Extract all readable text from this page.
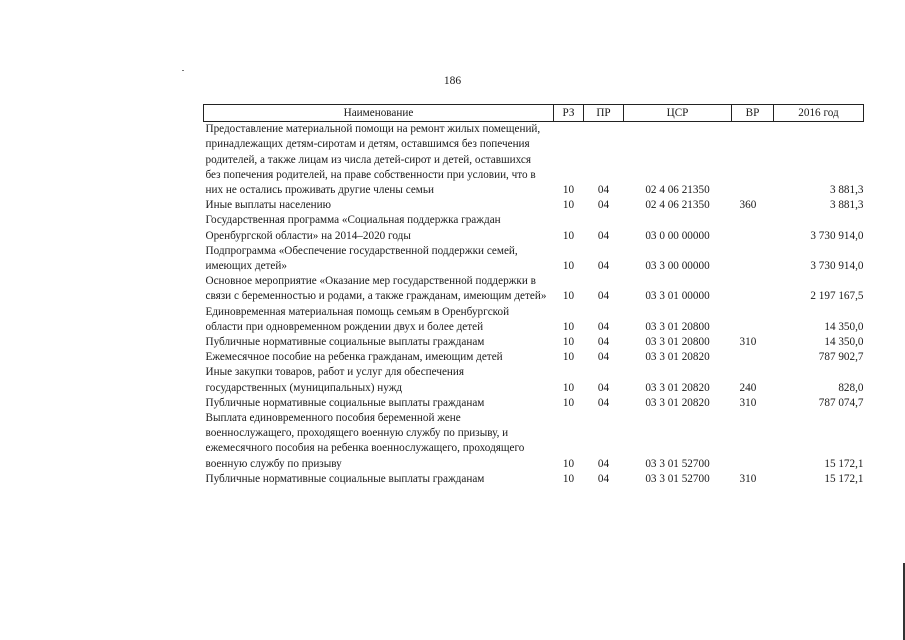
186
Наименование	РЗ	ПР	ЦСР	ВР	2016 год
Предоставление материальной помощи на ремонт жилых помещений, принадлежащих детям-сиротам и детям, оставшимся без попечения родителей, а также лицам из числа детей-сирот и детей, оставшихся без попечения родителей, на праве собственности при условии, что в них не остались проживать другие члены семьи	10	04	02 4 06 21350		3 881,3
Иные выплаты населению	10	04	02 4 06 21350	360	3 881,3
Государственная программа «Социальная поддержка граждан Оренбургской области» на 2014–2020 годы	10	04	03 0 00 00000		3 730 914,0
Подпрограмма «Обеспечение государственной поддержки семей, имеющих детей»	10	04	03 3 00 00000		3 730 914,0
Основное мероприятие «Оказание мер государственной поддержки в связи с беременностью и родами, а также гражданам, имеющим детей»	10	04	03 3 01 00000		2 197 167,5
Единовременная материальная помощь семьям в Оренбургской области при одновременном рождении двух и более детей	10	04	03 3 01 20800		14 350,0
Публичные нормативные социальные выплаты гражданам	10	04	03 3 01 20800	310	14 350,0
Ежемесячное пособие на ребенка гражданам, имеющим детей	10	04	03 3 01 20820		787 902,7
Иные закупки товаров, работ и услуг для обеспечения государственных (муниципальных) нужд	10	04	03 3 01 20820	240	828,0
Публичные нормативные социальные выплаты гражданам	10	04	03 3 01 20820	310	787 074,7
Выплата единовременного пособия беременной жене военнослужащего, проходящего военную службу по призыву, и ежемесячного пособия на ребенка военнослужащего, проходящего военную службу по призыву	10	04	03 3 01 52700		15 172,1
Публичные нормативные социальные выплаты гражданам	10	04	03 3 01 52700	310	15 172,1
